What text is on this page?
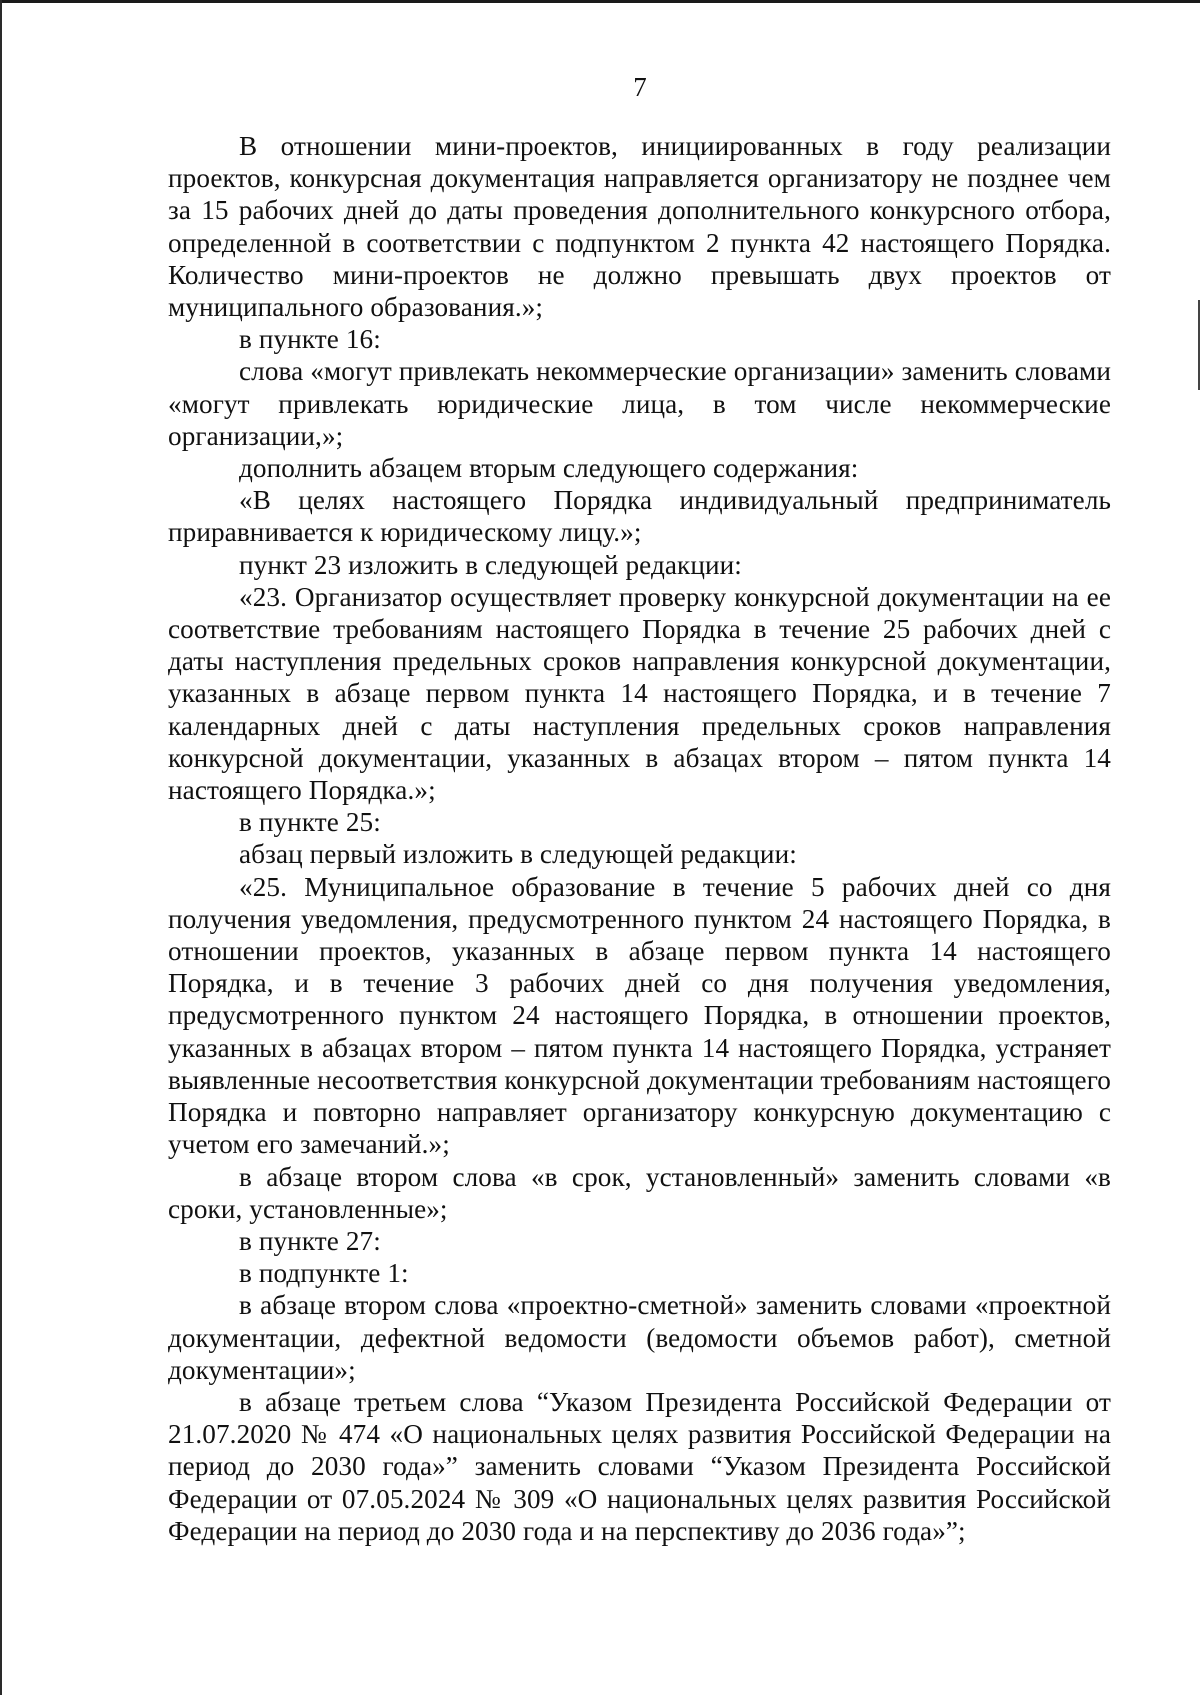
7

В отношении мини-проектов, инициированных в году реализации проектов, конкурсная документация направляется организатору не позднее чем за 15 рабочих дней до даты проведения дополнительного конкурсного отбора, определенной в соответствии с подпунктом 2 пункта 42 настоящего Порядка. Количество мини-проектов не должно превышать двух проектов от муниципального образования.»;

в пункте 16:

слова «могут привлекать некоммерческие организации» заменить словами «могут привлекать юридические лица, в том числе некоммерческие организации,»;

дополнить абзацем вторым следующего содержания:

«В целях настоящего Порядка индивидуальный предприниматель приравнивается к юридическому лицу.»;

пункт 23 изложить в следующей редакции:

«23. Организатор осуществляет проверку конкурсной документации на ее соответствие требованиям настоящего Порядка в течение 25 рабочих дней с даты наступления предельных сроков направления конкурсной документации, указанных в абзаце первом пункта 14 настоящего Порядка, и в течение 7 календарных дней с даты наступления предельных сроков направления конкурсной документации, указанных в абзацах втором – пятом пункта 14 настоящего Порядка.»;

в пункте 25:

абзац первый изложить в следующей редакции:

«25. Муниципальное образование в течение 5 рабочих дней со дня получения уведомления, предусмотренного пунктом 24 настоящего Порядка, в отношении проектов, указанных в абзаце первом пункта 14 настоящего Порядка, и в течение 3 рабочих дней со дня получения уведомления, предусмотренного пунктом 24 настоящего Порядка, в отношении проектов, указанных в абзацах втором – пятом пункта 14 настоящего Порядка, устраняет выявленные несоответствия конкурсной документации требованиям настоящего Порядка и повторно направляет организатору конкурсную документацию с учетом его замечаний.»;

в абзаце втором слова «в срок, установленный» заменить словами «в сроки, установленные»;

в пункте 27:

в подпункте 1:

в абзаце втором слова «проектно-сметной» заменить словами «проектной документации, дефектной ведомости (ведомости объемов работ), сметной документации»;

в абзаце третьем слова “Указом Президента Российской Федерации от 21.07.2020 № 474 «О национальных целях развития Российской Федерации на период до 2030 года»” заменить словами “Указом Президента Российской Федерации от 07.05.2024 № 309 «О национальных целях развития Российской Федерации на период до 2030 года и на перспективу до 2036 года»”;
